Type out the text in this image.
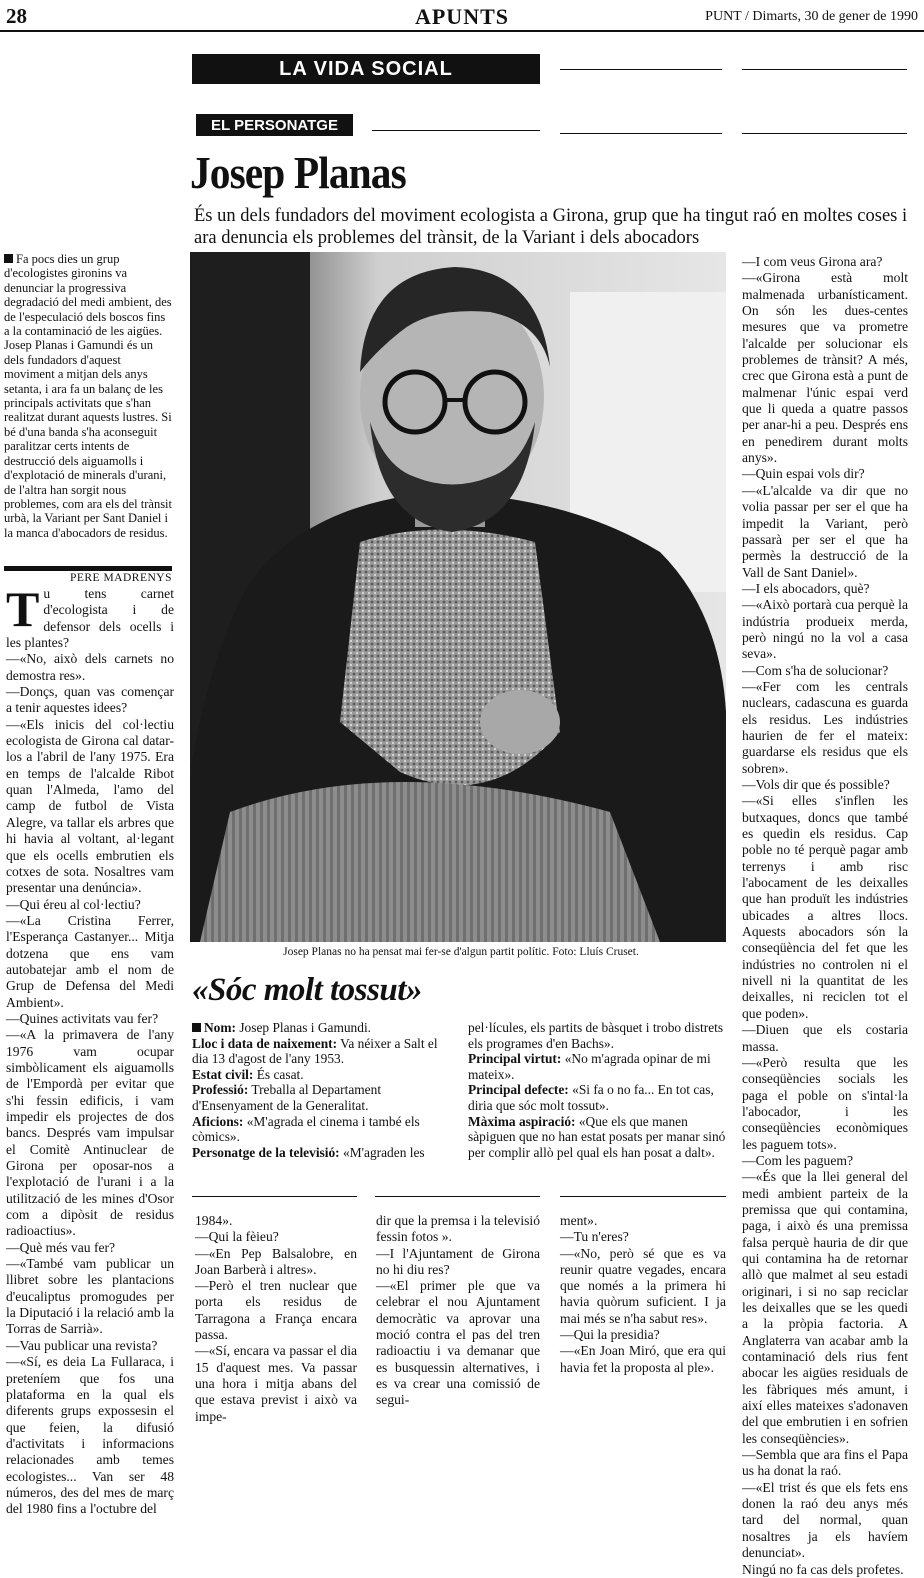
28	APUNTS	PUNT / Dimarts, 30 de gener de 1990
LA VIDA SOCIAL
EL PERSONATGE
Josep Planas
És un dels fundadors del moviment ecologista a Girona, grup que ha tingut raó en moltes coses i ara denuncia els problemes del trànsit, de la Variant i dels abocadors
Fa pocs dies un grup d'ecologistes gironins va denunciar la progressiva degradació del medi ambient, des de l'especulació dels boscos fins a la contaminació de les aigües. Josep Planas i Gamundi és un dels fundadors d'aquest moviment a mitjan dels anys setanta, i ara fa un balanç de les principals activitats que s'han realitzat durant aquests lustres. Si bé d'una banda s'ha aconseguit paralitzar certs intents de destrucció dels aiguamolls i d'explotació de minerals d'urani, de l'altra han sorgit nous problemes, com ara els del trànsit urbà, la Variant per Sant Daniel i la manca d'abocadors de residus.
PERE MADRENYS

Tu tens carnet d'ecologista i de defensor dels ocells i les plantes?

—«No, això dels carnets no demostra res».

—Donçs, quan vas començar a tenir aquestes idees?

—«Els inicis del col·lectiu ecologista de Girona cal datar-los a l'abril de l'any 1975. Era en temps de l'alcalde Ribot quan l'Almeda, l'amo del camp de futbol de Vista Alegre, va tallar els arbres que hi havia al voltant, al·legant que els ocells embrutien els cotxes de sota. Nosaltres vam presentar una denúncia».

—Qui éreu al col·lectiu?

—«La Cristina Ferrer, l'Esperança Castanyer... Mitja dotzena que ens vam autobatejar amb el nom de Grup de Defensa del Medi Ambient».

—Quines activitats vau fer?

—«A la primavera de l'any 1976 vam ocupar simbòlicament els aiguamolls de l'Empordà per evitar que s'hi fessin edificis, i vam impedir els projectes de dos bancs. Després vam impulsar el Comitè Antinuclear de Girona per oposar-nos a l'explotació de l'urani i a la utilització de les mines d'Osor com a dipòsit de residus radioactius».

—Què més vau fer?

—«També vam publicar un llibret sobre les plantacions d'eucaliptus promogudes per la Diputació i la relació amb la Torras de Sarrià».

—Vau publicar una revista?

—«Sí, es deia La Fullaraca, i preteníem que fos una plataforma en la qual els diferents grups expossesin el que feien, la difusió d'activitats i informacions relacionades amb temes ecologistes... Van ser 48 números, des del mes de març del 1980 fins a l'octubre del

Josep Planas no ha pensat mai fer-se d'algun partit polític. Foto: Lluís Cruset.
«Sóc molt tossut»
Nom: Josep Planas i Gamundi.
Lloc i data de naixement: Va néixer a Salt el dia 13 d'agost de l'any 1953.
Estat civil: És casat.
Professió: Treballa al Departament d'Ensenyament de la Generalitat.
Aficions: «M'agrada el cinema i també els còmics».
Personatge de la televisió: «M'agraden les
pel·lícules, els partits de bàsquet i trobo distrets els programes d'en Bachs».
Principal virtut: «No m'agrada opinar de mi mateix».
Principal defecte: «Si fa o no fa... En tot cas, diria que sóc molt tossut».
Màxima aspiració: «Que els que manen sàpiguen que no han estat posats per manar sinó per complir allò pel qual els han posat a dalt».

1984».

—Qui la fèieu?

—«En Pep Balsalobre, en Joan Barberà i altres».

—Però el tren nuclear que porta els residus de Tarragona a França encara passa.

—«Sí, encara va passar el dia 15 d'aquest mes. Va passar una hora i mitja abans del que estava previst i això va impe-

dir que la premsa i la televisió fessin fotos ».

—I l'Ajuntament de Girona no hi diu res?

—«El primer ple que va celebrar el nou Ajuntament democràtic va aprovar una moció contra el pas del tren radioactiu i va demanar que es busquessin alternatives, i es va crear una comissió de segui-

ment».

—Tu n'eres?

—«No, però sé que es va reunir quatre vegades, encara que només a la primera hi havia quòrum suficient. I ja mai més se n'ha sabut res».

—Qui la presidia?

—«En Joan Miró, que era qui havia fet la proposta al ple».

—I com veus Girona ara?

—«Girona està molt malmenada urbanísticament. On són les dues-centes mesures que va prometre l'alcalde per solucionar els problemes de trànsit? A més, crec que Girona està a punt de malmenar l'únic espai verd que li queda a quatre passos per anar-hi a peu. Després ens en penedirem durant molts anys».

—Quin espai vols dir?

—«L'alcalde va dir que no volia passar per ser el que ha impedit la Variant, però passarà per ser el que ha permès la destrucció de la Vall de Sant Daniel».

—I els abocadors, què?

—«Això portarà cua perquè la indústria produeix merda, però ningú no la vol a casa seva».

—Com s'ha de solucionar?

—«Fer com les centrals nuclears, cadascuna es guarda els residus. Les indústries haurien de fer el mateix: guardarse els residus que els sobren».

—Vols dir que és possible?

—«Si elles s'inflen les butxaques, doncs que també es quedin els residus. Cap poble no té perquè pagar amb terrenys i amb risc l'abocament de les deixalles que han produït les indústries ubicades a altres llocs. Aquests abocadors són la conseqüència del fet que les indústries no controlen ni el nivell ni la quantitat de les deixalles, ni reciclen tot el que poden».

—Diuen que els costaria massa.

—«Però resulta que les conseqüències socials les paga el poble on s'intal·la l'abocador, i les conseqüències econòmiques les paguem tots».

—Com les paguem?

—«És que la llei general del medi ambient parteix de la premissa que qui contamina, paga, i això és una premissa falsa perquè hauria de dir que qui contamina ha de retornar allò que malmet al seu estadi originari, i si no sap reciclar les deixalles que se les quedi a la pròpia factoria. A Anglaterra van acabar amb la contaminació dels rius fent abocar les aigües residuals de les fàbriques més amunt, i així elles mateixes s'adonaven del que embrutien i en sofrien les conseqüències».

—Sembla que ara fins el Papa us ha donat la raó.

—«El trist és que els fets ens donen la raó deu anys més tard del normal, quan nosaltres ja els havíem denunciat».

Ningú no fa cas dels profetes.
